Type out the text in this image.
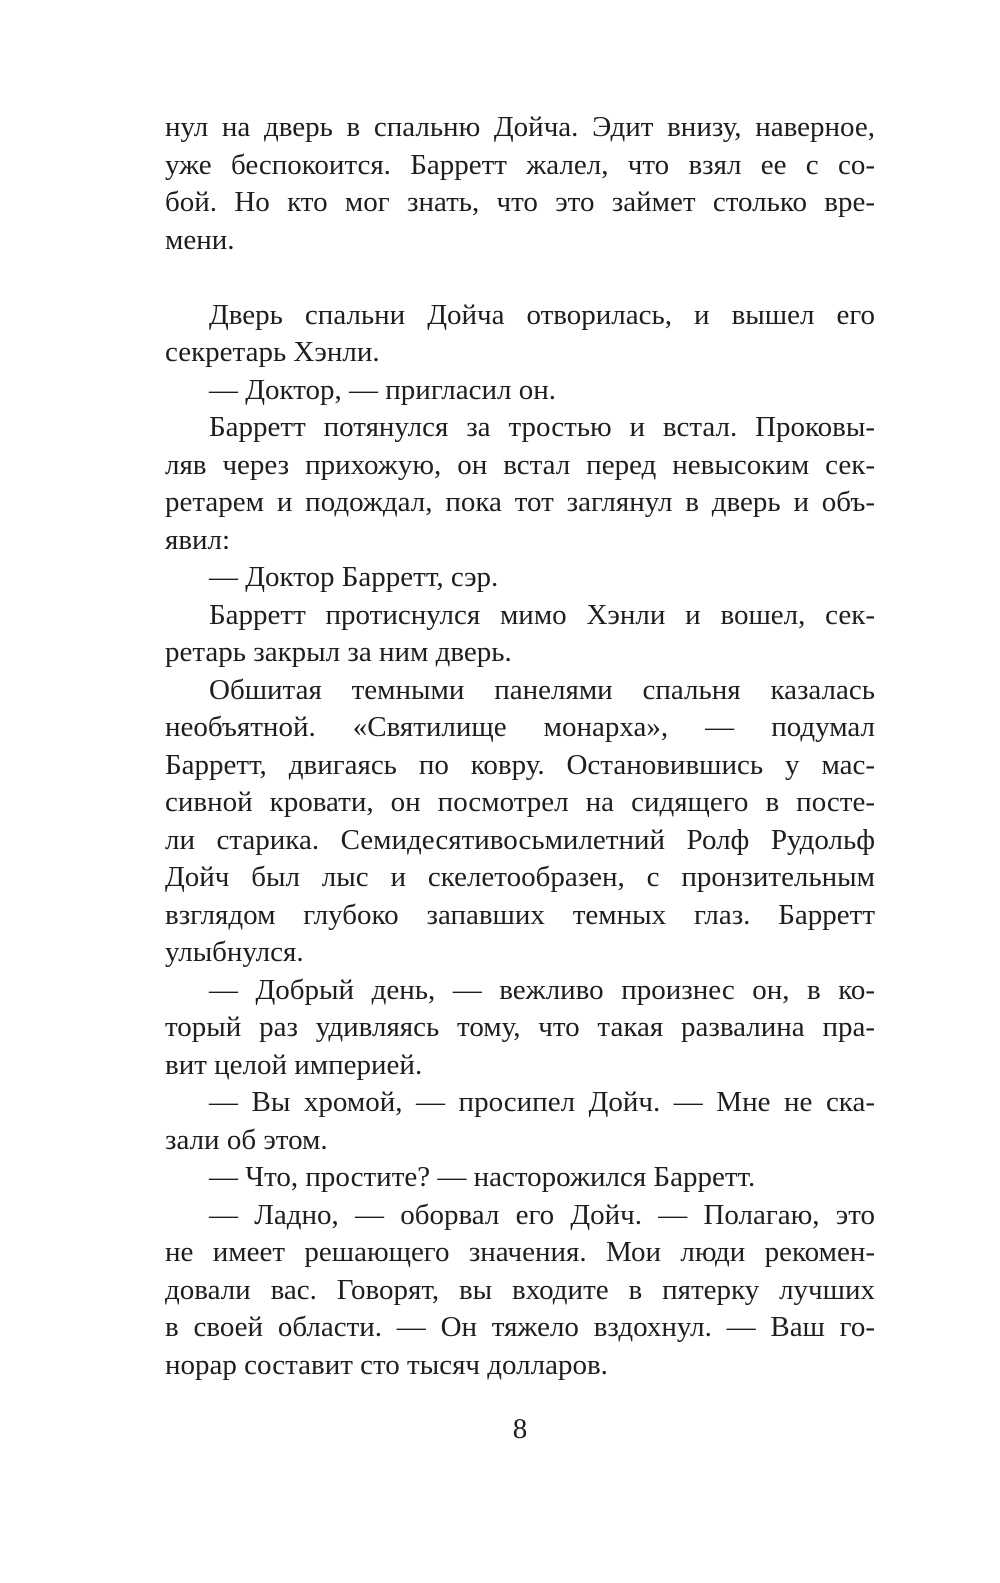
нул на дверь в спальню Дойча. Эдит внизу, наверное,
уже беспокоится. Барретт жалел, что взял ее с со-
бой. Но кто мог знать, что это займет столько вре-
мени.
Дверь спальни Дойча отворилась, и вышел его
секретарь Хэнли.
— Доктор, — пригласил он.
Барретт потянулся за тростью и встал. Проковы-
ляв через прихожую, он встал перед невысоким сек-
ретарем и подождал, пока тот заглянул в дверь и объ-
явил:
— Доктор Барретт, сэр.
Барретт протиснулся мимо Хэнли и вошел, сек-
ретарь закрыл за ним дверь.
Обшитая темными панелями спальня казалась
необъятной. «Святилище монарха», — подумал
Барретт, двигаясь по ковру. Остановившись у мас-
сивной кровати, он посмотрел на сидящего в посте-
ли старика. Семидесятивосьмилетний Ролф Рудольф
Дойч был лыс и скелетообразен, с пронзительным
взглядом глубоко запавших темных глаз. Барретт
улыбнулся.
— Добрый день, — вежливо произнес он, в ко-
торый раз удивляясь тому, что такая развалина пра-
вит целой империей.
— Вы хромой, — просипел Дойч. — Мне не ска-
зали об этом.
— Что, простите? — насторожился Барретт.
— Ладно, — оборвал его Дойч. — Полагаю, это
не имеет решающего значения. Мои люди рекомен-
довали вас. Говорят, вы входите в пятерку лучших
в своей области. — Он тяжело вздохнул. — Ваш го-
норар составит сто тысяч долларов.
8
